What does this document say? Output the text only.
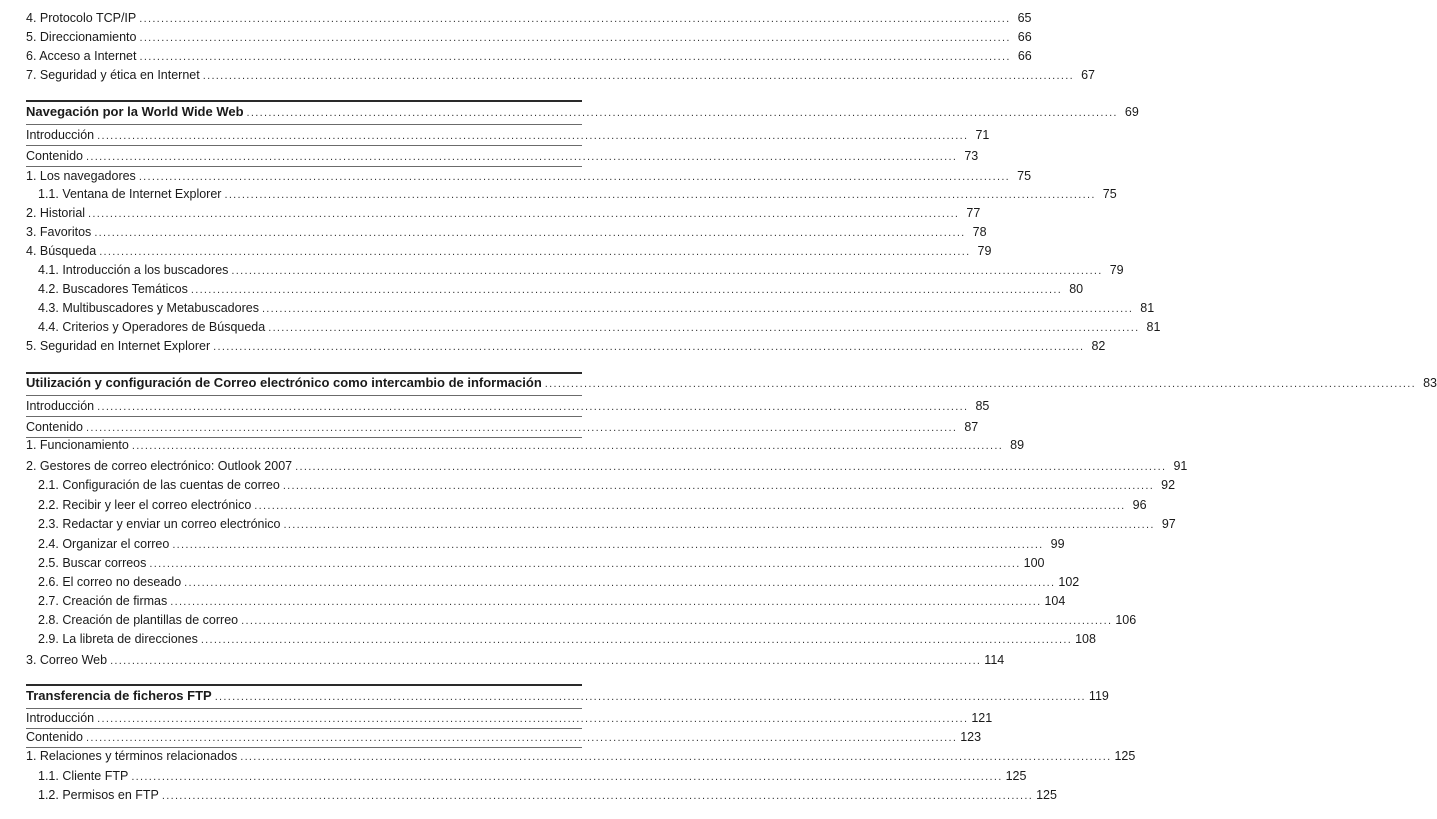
4. Protocolo TCP/IP ........................................................................................................................................................................................................ 65
5. Direccionamiento ........................................................................................................................................................................................................ 66
6. Acceso a Internet ........................................................................................................................................................................................................ 66
7. Seguridad y ética en Internet ........................................................................................................................................................................................................ 67
Navegación por la World Wide Web ........................................................................................................................................................................................................ 69
Introducción ........................................................................................................................................................................................................ 71
Contenido ........................................................................................................................................................................................................ 73
1. Los navegadores ........................................................................................................................................................................................................ 75
1.1. Ventana de Internet Explorer ........................................................................................................................................................................................................ 75
2. Historial ........................................................................................................................................................................................................ 77
3. Favoritos ........................................................................................................................................................................................................ 78
4. Búsqueda ........................................................................................................................................................................................................ 79
4.1. Introducción a los buscadores ........................................................................................................................................................................................................ 79
4.2. Buscadores Temáticos ........................................................................................................................................................................................................ 80
4.3. Multibuscadores y Metabuscadores ........................................................................................................................................................................................................ 81
4.4. Criterios y Operadores de Búsqueda ........................................................................................................................................................................................................ 81
5. Seguridad en Internet Explorer ........................................................................................................................................................................................................ 82
Utilización y configuración de Correo electrónico como intercambio de información ........................................................................................................................................................................................................ 83
Introducción ........................................................................................................................................................................................................ 85
Contenido ........................................................................................................................................................................................................ 87
1. Funcionamiento ........................................................................................................................................................................................................ 89
2. Gestores de correo electrónico: Outlook 2007 ........................................................................................................................................................................................................ 91
2.1. Configuración de las cuentas de correo ........................................................................................................................................................................................................ 92
2.2. Recibir y leer el correo electrónico ........................................................................................................................................................................................................ 96
2.3. Redactar y enviar un correo electrónico ........................................................................................................................................................................................................ 97
2.4. Organizar el correo ........................................................................................................................................................................................................ 99
2.5. Buscar correos ........................................................................................................................................................................................................ 100
2.6. El correo no deseado ........................................................................................................................................................................................................ 102
2.7. Creación de firmas ........................................................................................................................................................................................................ 104
2.8. Creación de plantillas de correo ........................................................................................................................................................................................................ 106
2.9. La libreta de direcciones ........................................................................................................................................................................................................ 108
3. Correo Web ........................................................................................................................................................................................................ 114
Transferencia de ficheros FTP ........................................................................................................................................................................................................ 119
Introducción ........................................................................................................................................................................................................ 121
Contenido ........................................................................................................................................................................................................ 123
1. Relaciones y términos relacionados ........................................................................................................................................................................................................ 125
1.1. Cliente FTP ........................................................................................................................................................................................................ 125
1.2. Permisos en FTP ........................................................................................................................................................................................................ 125
